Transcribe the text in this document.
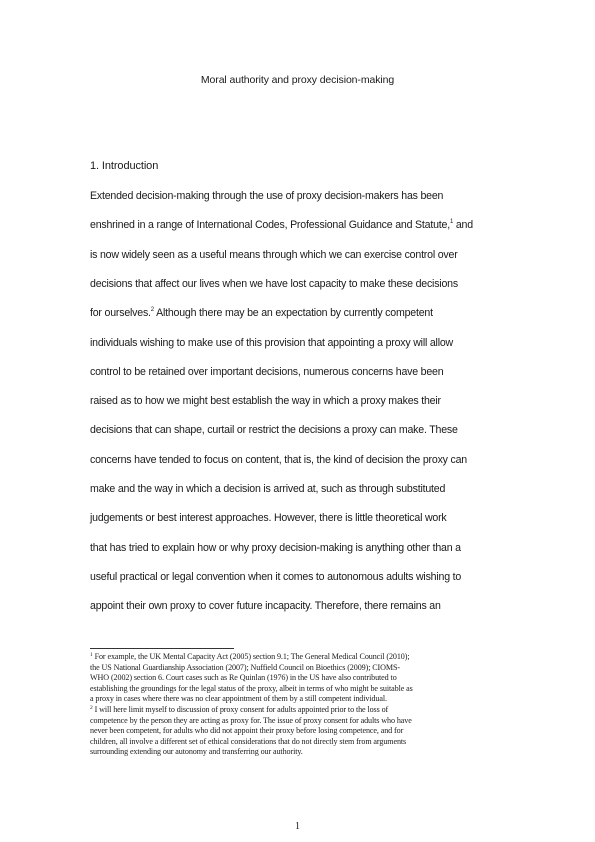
Moral authority and proxy decision-making
1. Introduction
Extended decision-making through the use of proxy decision-makers has been
enshrined in a range of International Codes, Professional Guidance and Statute,$^1$ and
is now widely seen as a useful means through which we can exercise control over
decisions that affect our lives when we have lost capacity to make these decisions
for ourselves.$^2$ Although there may be an expectation by currently competent
individuals wishing to make use of this provision that appointing a proxy will allow
control to be retained over important decisions, numerous concerns have been
raised as to how we might best establish the way in which a proxy makes their
decisions that can shape, curtail or restrict the decisions a proxy can make. These
concerns have tended to focus on content, that is, the kind of decision the proxy can
make and the way in which a decision is arrived at, such as through substituted
judgements or best interest approaches. However, there is little theoretical work
that has tried to explain how or why proxy decision-making is anything other than a
useful practical or legal convention when it comes to autonomous adults wishing to
appoint their own proxy to cover future incapacity. Therefore, there remains an
$^1$ For example, the UK Mental Capacity Act (2005) section 9.1; The General Medical Council (2010);
the US National Guardianship Association (2007); Nuffield Council on Bioethics (2009); CIOMS-
WHO (2002) section 6. Court cases such as Re Quinlan (1976) in the US have also contributed to
establishing the groundings for the legal status of the proxy, albeit in terms of who might be suitable as
a proxy in cases where there was no clear appointment of them by a still competent individual.
$^2$ I will here limit myself to discussion of proxy consent for adults appointed prior to the loss of
competence by the person they are acting as proxy for. The issue of proxy consent for adults who have
never been competent, for adults who did not appoint their proxy before losing competence, and for
children, all involve a different set of ethical considerations that do not directly stem from arguments
surrounding extending our autonomy and transferring our authority.
1
